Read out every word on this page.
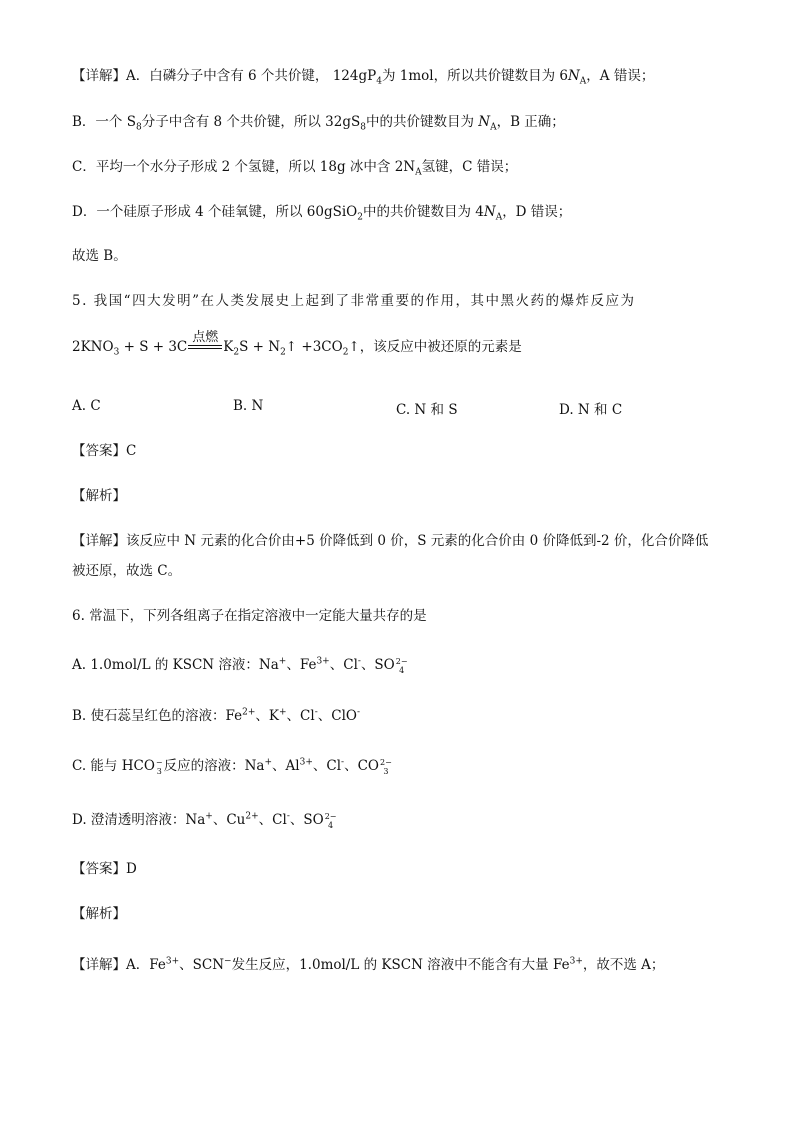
【详解】A．白磷分子中含有 6 个共价键， $124gP_4$为 1mol，所以共价键数目为 $6N_A$，A 错误；
B．一个 $S_8$分子中含有 8 个共价键，所以 $32gS_8$中的共价键数目为 $N_A$，B 正确；
C．平均一个水分子形成 2 个氢键，所以 18g 冰中含 $2N_A$氢键，C 错误；
D．一个硅原子形成 4 个硅氧键，所以 60gSiO$_2$中的共价键数目为 $4N_A$，D 错误；
故选 B。
5. 我国“四大发明”在人类发展史上起到了非常重要的作用，其中黑火药的爆炸反应为
$2KNO_3 + S + 3C$
点燃
$K_2S$ + $N_2↑$ $+3CO_2↑$，该反应中被还原的元素是
A. C	B. N	C. N 和 S	D. N 和 C
【答案】C
【解析】
【详解】该反应中 N 元素的化合价由+5 价降低到 0 价，S 元素的化合价由 0 价降低到-2 价，化合价降低
被还原，故选 C。
6. 常温下，下列各组离子在指定溶液中一定能大量共存的是
A. 1.0mol/L 的 KSCN 溶液：Na+、$Fe^{3+}$、Cl-、SO 2−
4
B. 使石蕊呈红色的溶液：$Fe^{2+}$、K+、Cl-、ClO-
C. 能与 HCO −
3 反应的溶液：Na+、$Al^{3+}$、Cl-、CO 2−
3
D. 澄清透明溶液：Na+、$Cu^{2+}$、Cl-、SO 2−
4
【答案】D
【解析】
【详解】A．$Fe^{3+}$、SCN−发生反应，1.0mol/L 的 KSCN 溶液中不能含有大量 $Fe^{3+}$，故不选 A；
